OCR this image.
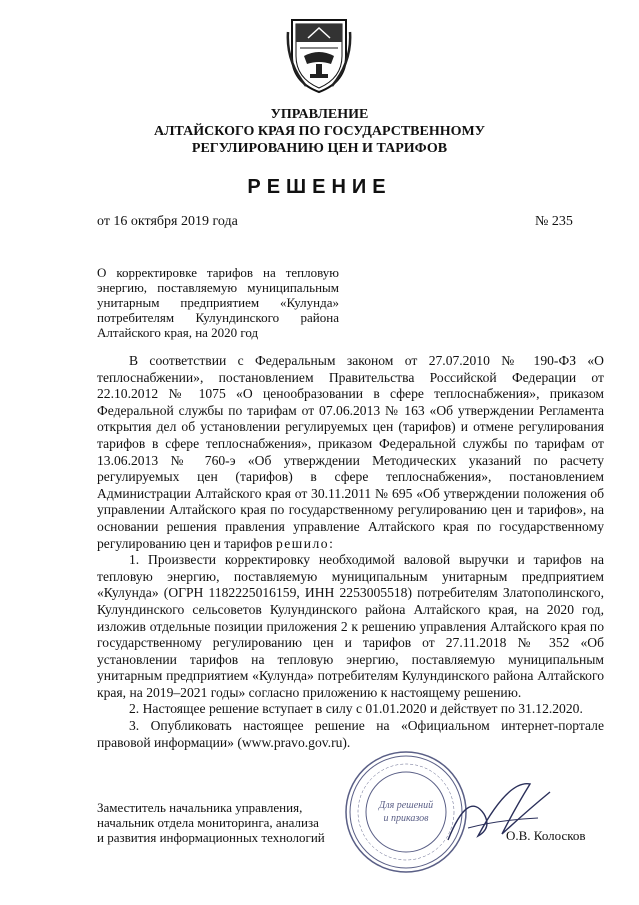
УПРАВЛЕНИЕ
АЛТАЙСКОГО КРАЯ ПО ГОСУДАРСТВЕННОМУ
РЕГУЛИРОВАНИЮ ЦЕН И ТАРИФОВ
РЕШЕНИЕ
от 16 октября 2019 года	№ 235
О корректировке тарифов на тепловую энергию, поставляемую муниципальным унитарным предприятием «Кулунда» потребителям Кулундинского района Алтайского края, на 2020 год

В соответствии с Федеральным законом от 27.07.2010 № 190-ФЗ «О теплоснабжении», постановлением Правительства Российской Федерации от 22.10.2012 № 1075 «О ценообразовании в сфере теплоснабжения», приказом Федеральной службы по тарифам от 07.06.2013 № 163 «Об утверждении Регламента открытия дел об установлении регулируемых цен (тарифов) и отмене регулирования тарифов в сфере теплоснабжения», приказом Федеральной службы по тарифам от 13.06.2013 № 760-э «Об утверждении Методических указаний по расчету регулируемых цен (тарифов) в сфере теплоснабжения», постановлением Администрации Алтайского края от 30.11.2011 № 695 «Об утверждении положения об управлении Алтайского края по государственному регулированию цен и тарифов», на основании решения правления управление Алтайского края по государственному регулированию цен и тарифов решило:

1. Произвести корректировку необходимой валовой выручки и тарифов на тепловую энергию, поставляемую муниципальным унитарным предприятием «Кулунда» (ОГРН 1182225016159, ИНН 2253005518) потребителям Златополинского, Кулундинского сельсоветов Кулундинского района Алтайского края, на 2020 год, изложив отдельные позиции приложения 2 к решению управления Алтайского края по государственному регулированию цен и тарифов от 27.11.2018 № 352 «Об установлении тарифов на тепловую энергию, поставляемую муниципальным унитарным предприятием «Кулунда» потребителям Кулундинского района Алтайского края, на 2019–2021 годы» согласно приложению к настоящему решению.

2. Настоящее решение вступает в силу с 01.01.2020 и действует по 31.12.2020.

3. Опубликовать настоящее решение на «Официальном интернет-портале правовой информации» (www.pravo.gov.ru).

Для решений
и приказов
Заместитель начальника управления,
начальник отдела мониторинга, анализа
и развития информационных технологий	О.В. Колосков
